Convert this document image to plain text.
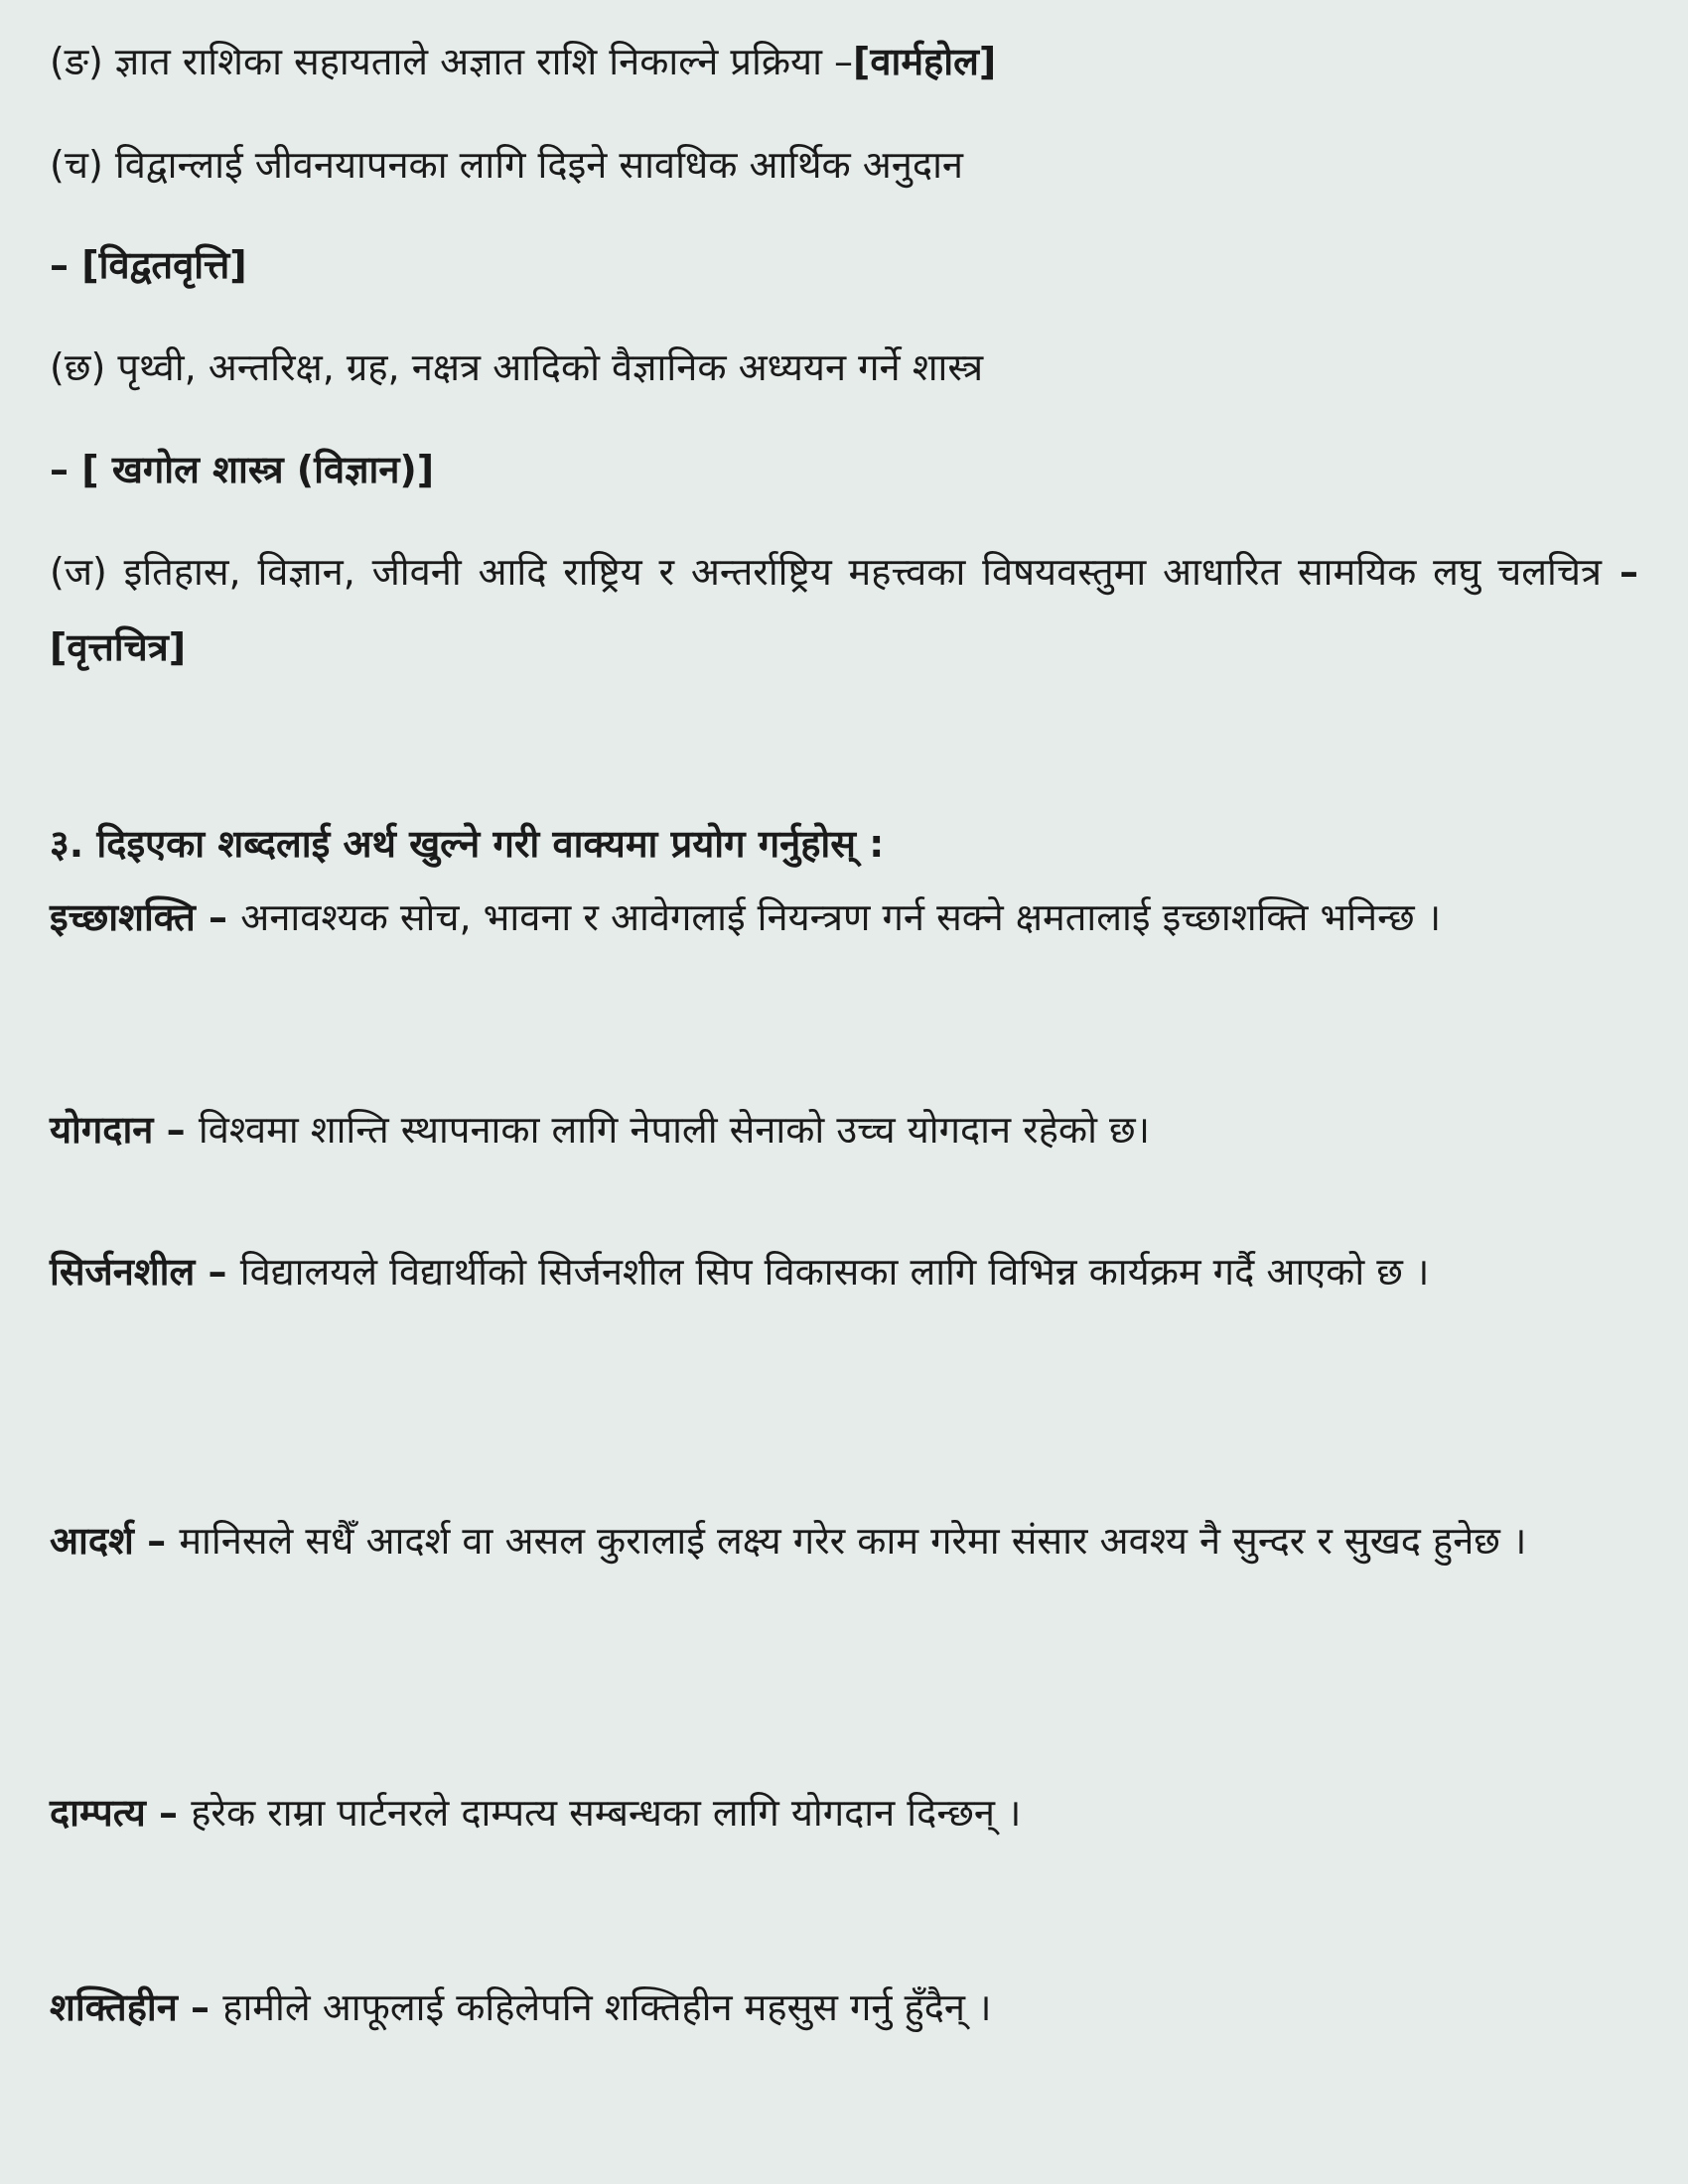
(ङ) ज्ञात राशिका सहायताले अज्ञात राशि निकाल्ने प्रक्रिया –[वार्महोल]
(च) विद्वान्लाई जीवनयापनका लागि दिइने सावधिक आर्थिक अनुदान
– [विद्वतवृत्ति]
(छ) पृथ्वी, अन्तरिक्ष, ग्रह, नक्षत्र आदिको वैज्ञानिक अध्ययन गर्ने शास्त्र
– [ खगोल शास्त्र (विज्ञान)]
(ज) इतिहास, विज्ञान, जीवनी आदि राष्ट्रिय र अन्तर्राष्ट्रिय महत्त्वका विषयवस्तुमा आधारित सामयिक लघु चलचित्र – [वृत्तचित्र]
३. दिइएका शब्दलाई अर्थ खुल्ने गरी वाक्यमा प्रयोग गर्नुहोस् :
इच्छाशक्ति – अनावश्यक सोच, भावना र आवेगलाई नियन्त्रण गर्न सक्ने क्षमतालाई इच्छाशक्ति भनिन्छ ।
योगदान – विश्वमा शान्ति स्थापनाका लागि नेपाली सेनाको उच्च योगदान रहेको छ।
सिर्जनशील – विद्यालयले विद्यार्थीको सिर्जनशील सिप विकासका लागि विभिन्न कार्यक्रम गर्दै आएको छ ।
आदर्श – मानिसले सधैँ आदर्श वा असल कुरालाई लक्ष्य गरेर काम गरेमा संसार अवश्य नै सुन्दर र सुखद हुनेछ ।
दाम्पत्य – हरेक राम्रा पार्टनरले दाम्पत्य सम्बन्धका लागि योगदान दिन्छन् ।
शक्तिहीन – हामीले आफूलाई कहिलेपनि शक्तिहीन महसुस गर्नु हुँदैन् ।
